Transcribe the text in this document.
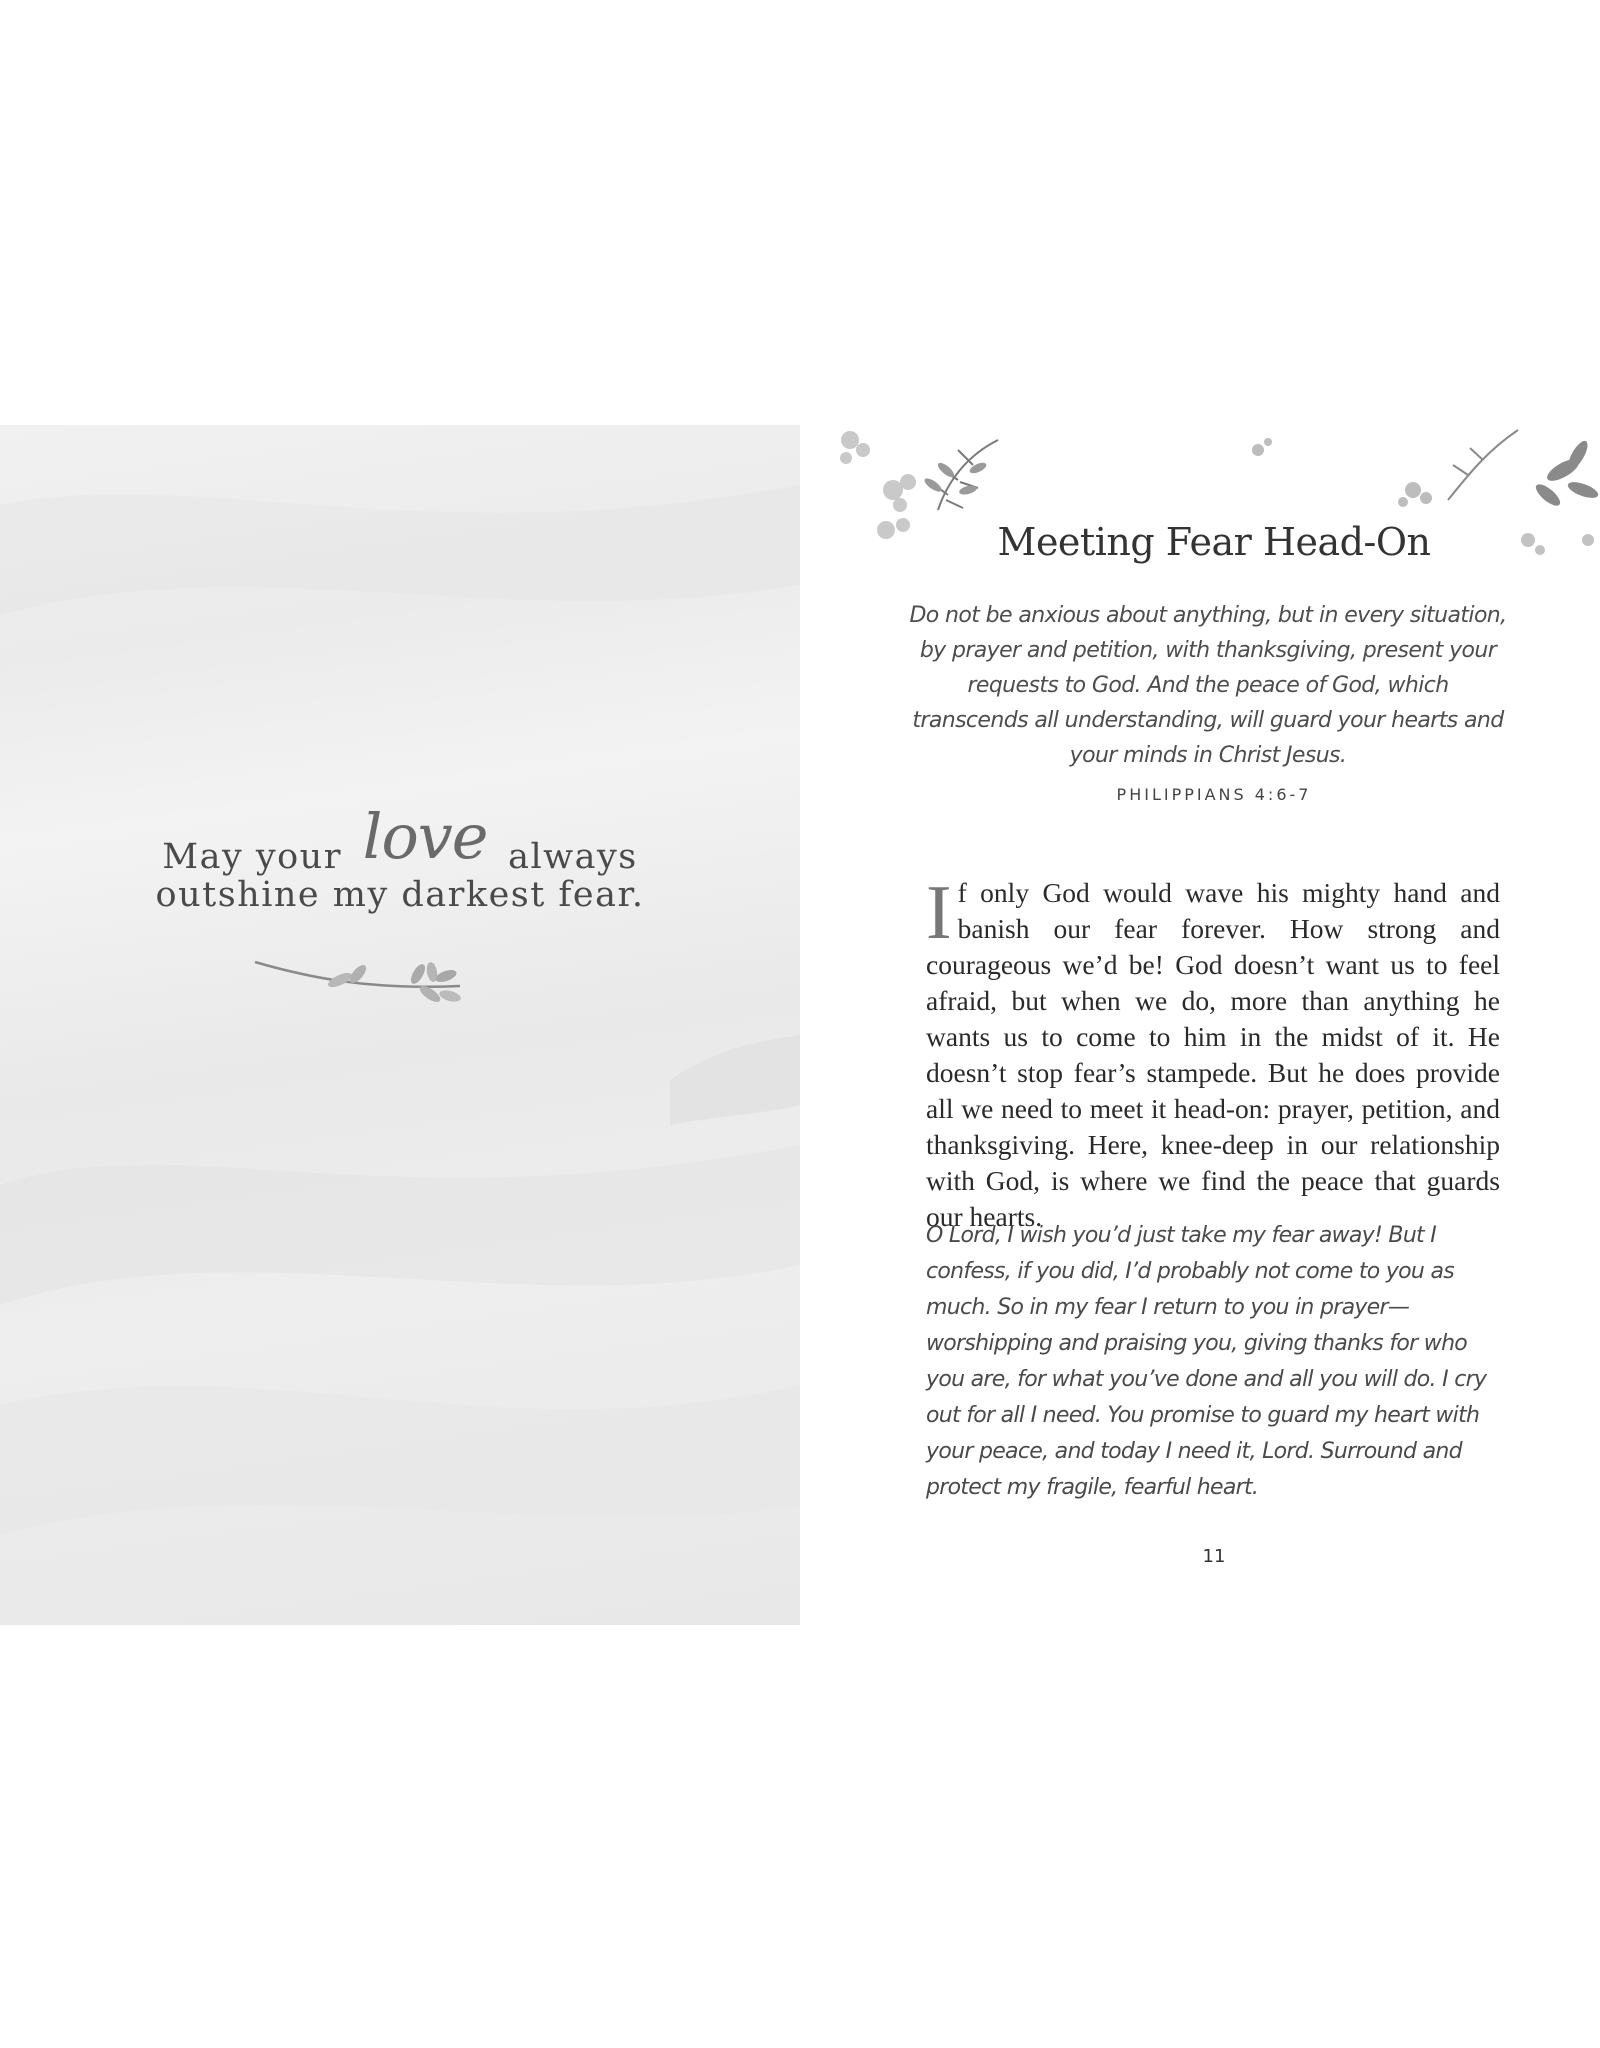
May your love always
outshine my darkest fear.
Meeting Fear Head-On
Do not be anxious about anything, but in every situation, by prayer and petition, with thanksgiving, present your requests to God. And the peace of God, which transcends all understanding, will guard your hearts and your minds in Christ Jesus.
PHILIPPIANS 4:6-7

If only God would wave his mighty hand and banish our fear forever. How strong and courageous we’d be! God doesn’t want us to feel afraid, but when we do, more than anything he wants us to come to him in the midst of it. He doesn’t stop fear’s stampede. But he does provide all we need to meet it head-on: prayer, petition, and thanksgiving. Here, knee-deep in our relationship with God, is where we find the peace that guards our hearts.

O Lord, I wish you’d just take my fear away! But I confess, if you did, I’d probably not come to you as much. So in my fear I return to you in prayer—worshipping and praising you, giving thanks for who you are, for what you’ve done and all you will do. I cry out for all I need. You promise to guard my heart with your peace, and today I need it, Lord. Surround and protect my fragile, fearful heart.

11
